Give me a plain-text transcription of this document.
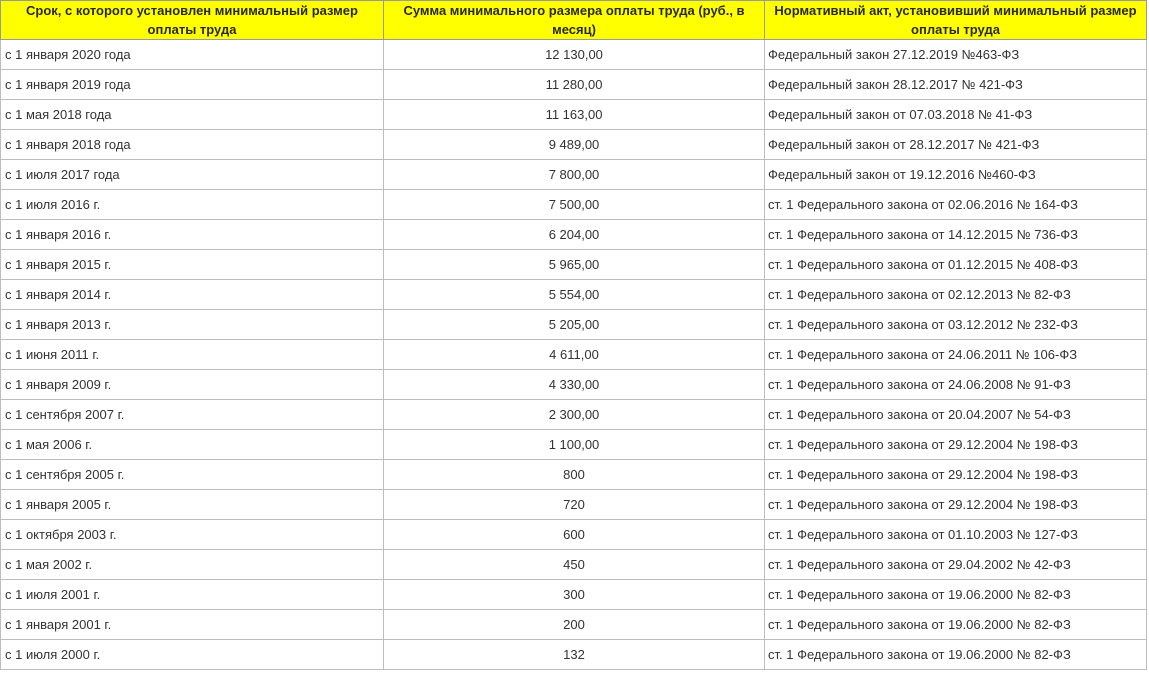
Срок, с которого установлен минимальный размер оплаты труда	Сумма минимального размера оплаты труда (руб., в месяц)	Нормативный акт, установивший минимальный размер оплаты труда
с 1 января 2020 года	12 130,00	Федеральный закон 27.12.2019 №463-ФЗ
с 1 января 2019 года	11 280,00	Федеральный закон 28.12.2017 № 421-ФЗ
с 1 мая 2018 года	11 163,00	Федеральный закон от 07.03.2018 № 41-ФЗ
с 1 января 2018 года	9 489,00	Федеральный закон от 28.12.2017 № 421-ФЗ
с 1 июля 2017 года	7 800,00	Федеральный закон от 19.12.2016 №460-ФЗ
с 1 июля 2016 г.	7 500,00	ст. 1 Федерального закона от 02.06.2016 № 164-ФЗ
с 1 января 2016 г.	6 204,00	ст. 1 Федерального закона от 14.12.2015 № 736-ФЗ
с 1 января 2015 г.	5 965,00	ст. 1 Федерального закона от 01.12.2015 № 408-ФЗ
с 1 января 2014 г.	5 554,00	ст. 1 Федерального закона от 02.12.2013 № 82-ФЗ
с 1 января 2013 г.	5 205,00	ст. 1 Федерального закона от 03.12.2012 № 232-ФЗ
с 1 июня 2011 г.	4 611,00	ст. 1 Федерального закона от 24.06.2011 № 106-ФЗ
с 1 января 2009 г.	4 330,00	ст. 1 Федерального закона от 24.06.2008 № 91-ФЗ
с 1 сентября 2007 г.	2 300,00	ст. 1 Федерального закона от 20.04.2007 № 54-ФЗ
с 1 мая 2006 г.	1 100,00	ст. 1 Федерального закона от 29.12.2004 № 198-ФЗ
с 1 сентября 2005 г.	800	ст. 1 Федерального закона от 29.12.2004 № 198-ФЗ
с 1 января 2005 г.	720	ст. 1 Федерального закона от 29.12.2004 № 198-ФЗ
с 1 октября 2003 г.	600	ст. 1 Федерального закона от 01.10.2003 № 127-ФЗ
с 1 мая 2002 г.	450	ст. 1 Федерального закона от 29.04.2002 № 42-ФЗ
с 1 июля 2001 г.	300	ст. 1 Федерального закона от 19.06.2000 № 82-ФЗ
с 1 января 2001 г.	200	ст. 1 Федерального закона от 19.06.2000 № 82-ФЗ
с 1 июля 2000 г.	132	ст. 1 Федерального закона от 19.06.2000 № 82-ФЗ
